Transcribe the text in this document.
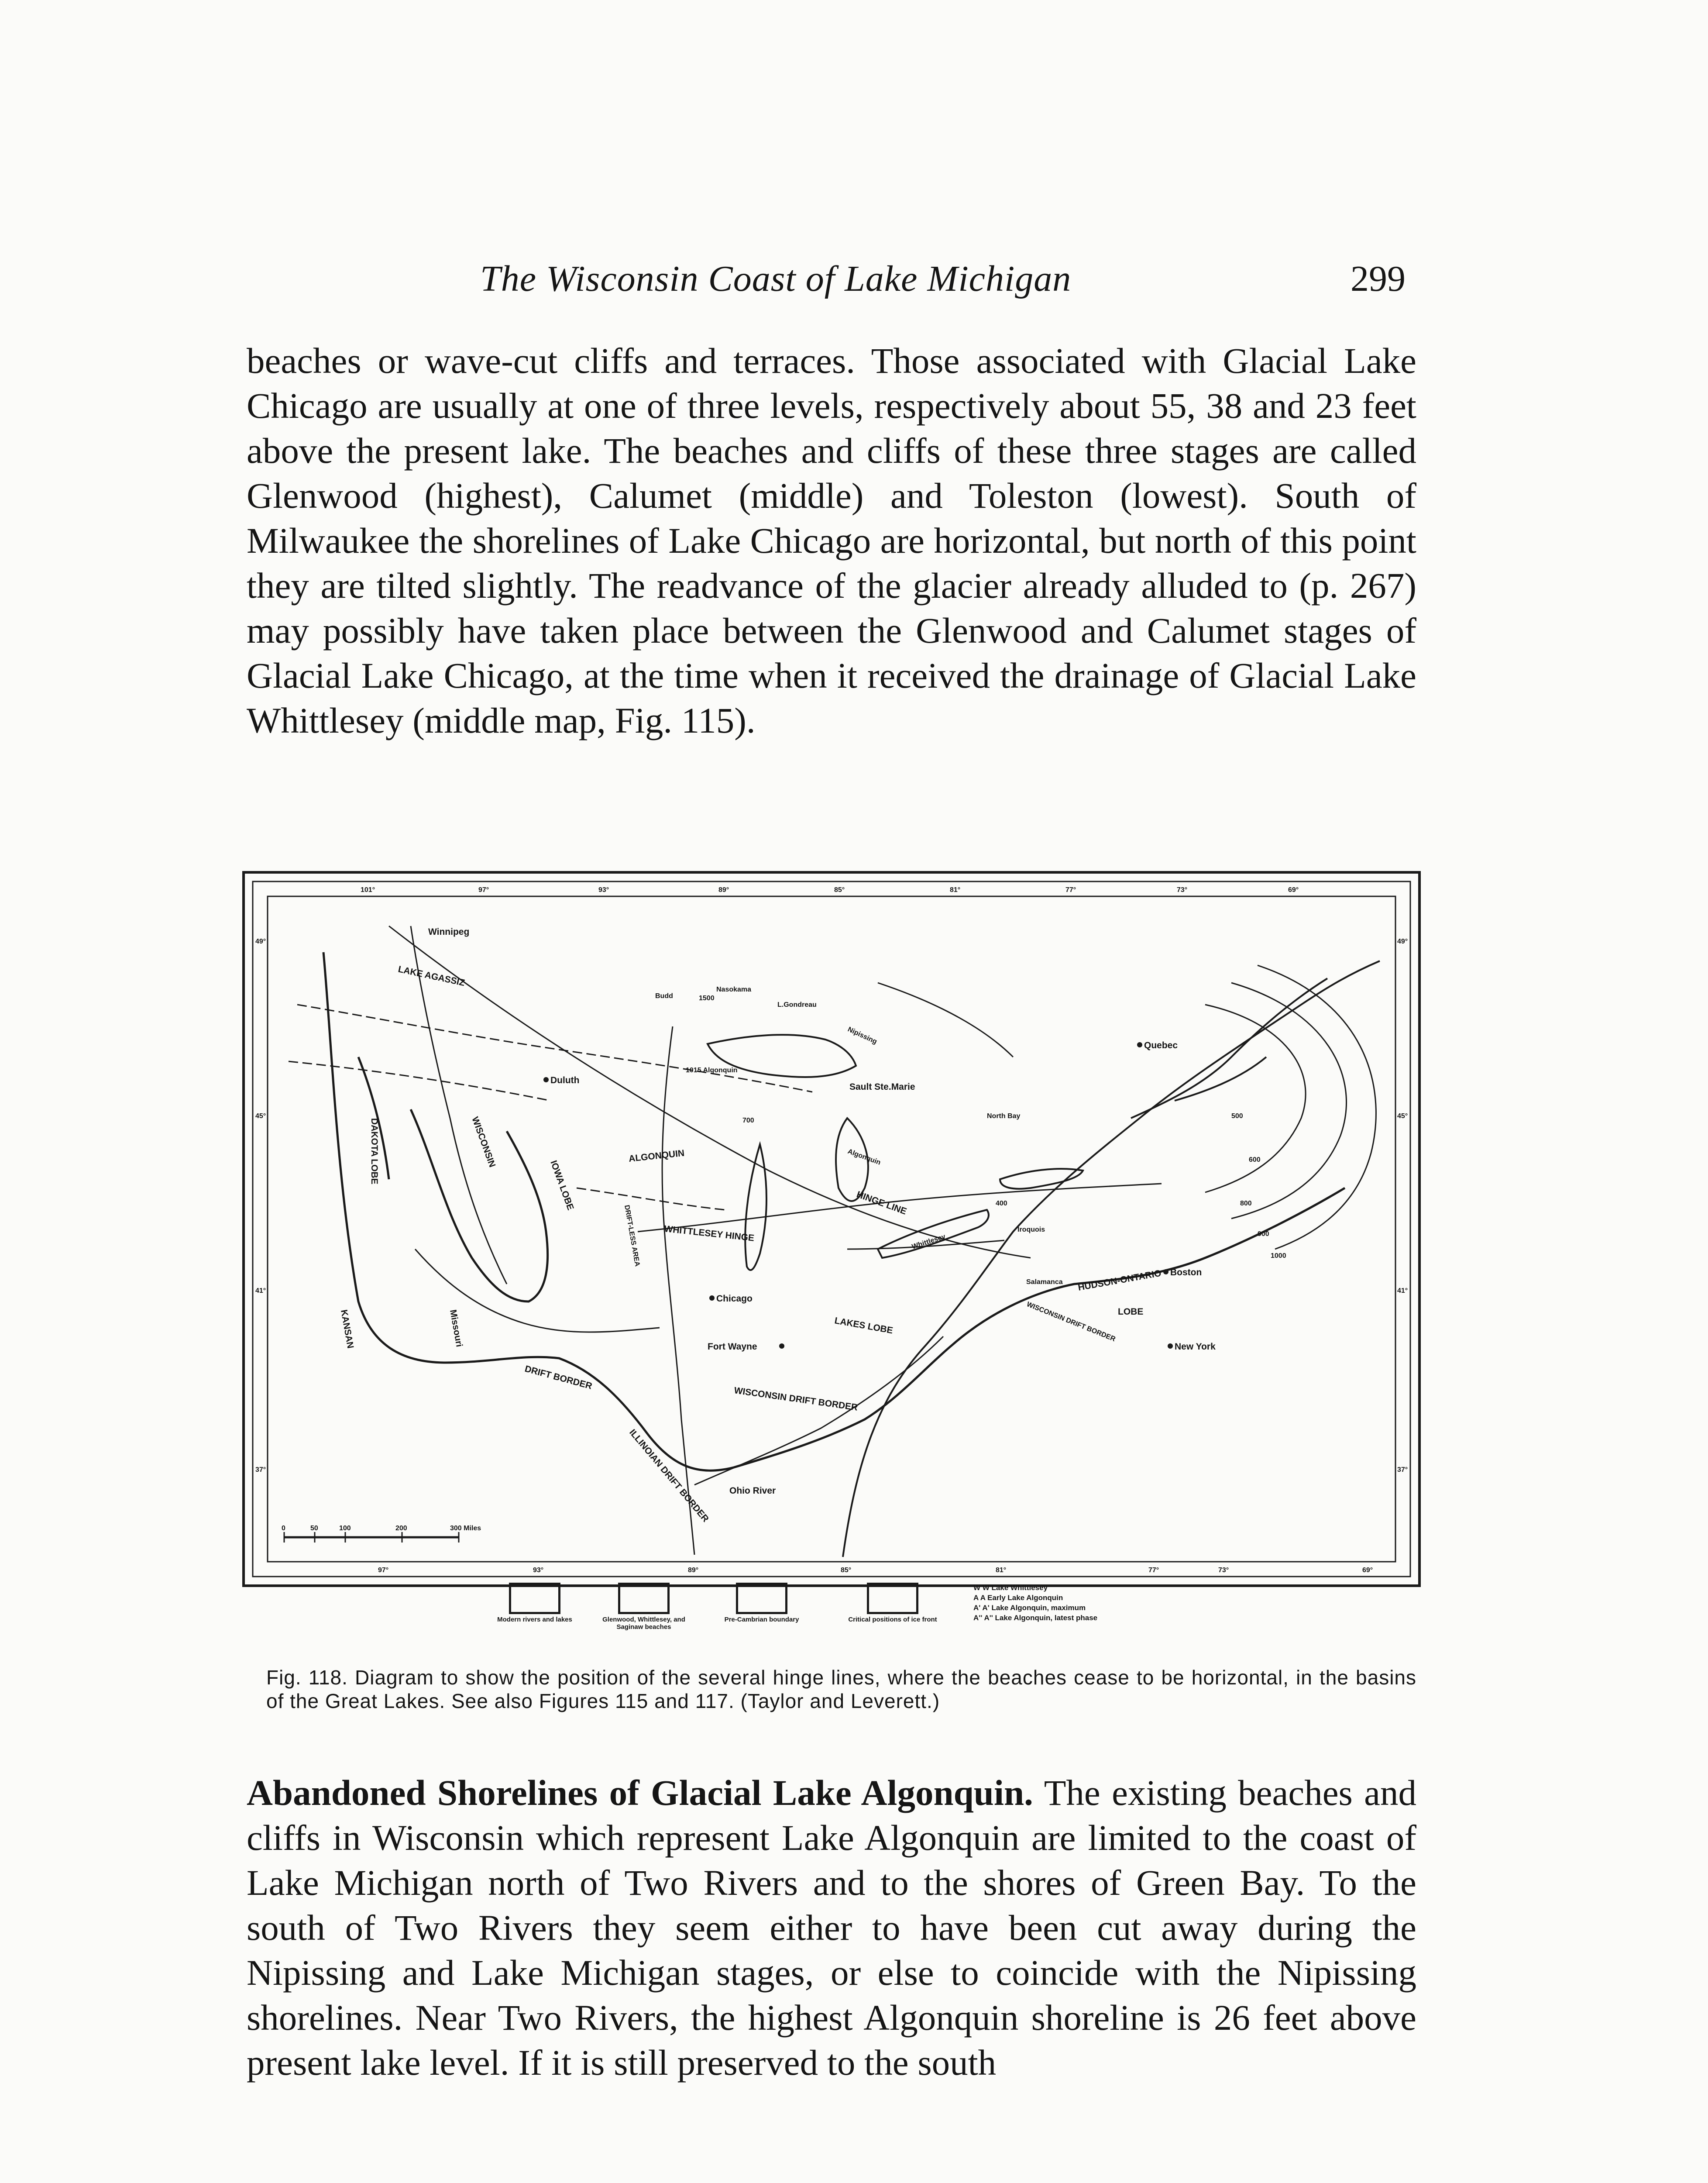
The Wisconsin Coast of Lake Michigan	299

beaches or wave-cut cliffs and terraces. Those associated with Glacial Lake Chicago are usually at one of three levels, respectively about 55, 38 and 23 feet above the present lake. The beaches and cliffs of these three stages are called Glenwood (highest), Calumet (middle) and Toleston (lowest). South of Milwaukee the shorelines of Lake Chicago are horizontal, but north of this point they are tilted slightly. The readvance of the glacier already alluded to (p. 267) may possibly have taken place between the Glenwood and Calumet stages of Glacial Lake Chicago, at the time when it received the drainage of Glacial Lake Whittlesey (middle map, Fig. 115).

101°	97°	93°	89°	85°	81°	77°	73°	69°
97°	93°	89°	85°	81°	77°	73°	69°
49°
45°
41°
37°
49°
45°
41°
37°
0	50	100	200	300 Miles
Winnipeg
Duluth
Sault Ste.Marie
Quebec
Boston
New York
Chicago
Fort Wayne
Salamanca
North Bay
Nasokama
Budd
LAKE AGASSIZ
Nipissing
1015 Algonquin
Algonquin
ALGONQUIN
HINGE LINE
WHITTLESEY HINGE	Whittlesey
Iroquois
HUDSON-ONTARIO
LOBE
WISCONSIN DRIFT BORDER
DAKOTA LOBE
IOWA LOBE
DRIFT BORDER
LAKES LOBE
ILLINOIAN DRIFT BORDER Ohio River
Missouri
KANSAN
WISCONSIN
WISCONSIN DRIFT BORDER
DRIFT-LESS AREA
L.Gondreau
1500
700
400
500
600
800
900
1000
Modern rivers and lakes	Glenwood, Whittlesey, and Saginaw beaches
Pre-Cambrian boundary	Critical positions of ice front
W W Lake Whittlesey
A A Early Lake Algonquin
A' A' Lake Algonquin, maximum
A'' A'' Lake Algonquin, latest phase
Fig. 118. Diagram to show the position of the several hinge lines, where the beaches cease to be horizontal, in the basins of the Great Lakes. See also Figures 115 and 117. (Taylor and Leverett.)

Abandoned Shorelines of Glacial Lake Algonquin. The existing beaches and cliffs in Wisconsin which represent Lake Algonquin are limited to the coast of Lake Michigan north of Two Rivers and to the shores of Green Bay. To the south of Two Rivers they seem either to have been cut away during the Nipissing and Lake Michigan stages, or else to coincide with the Nipissing shorelines. Near Two Rivers, the highest Algonquin shoreline is 26 feet above present lake level. If it is still preserved to the south
